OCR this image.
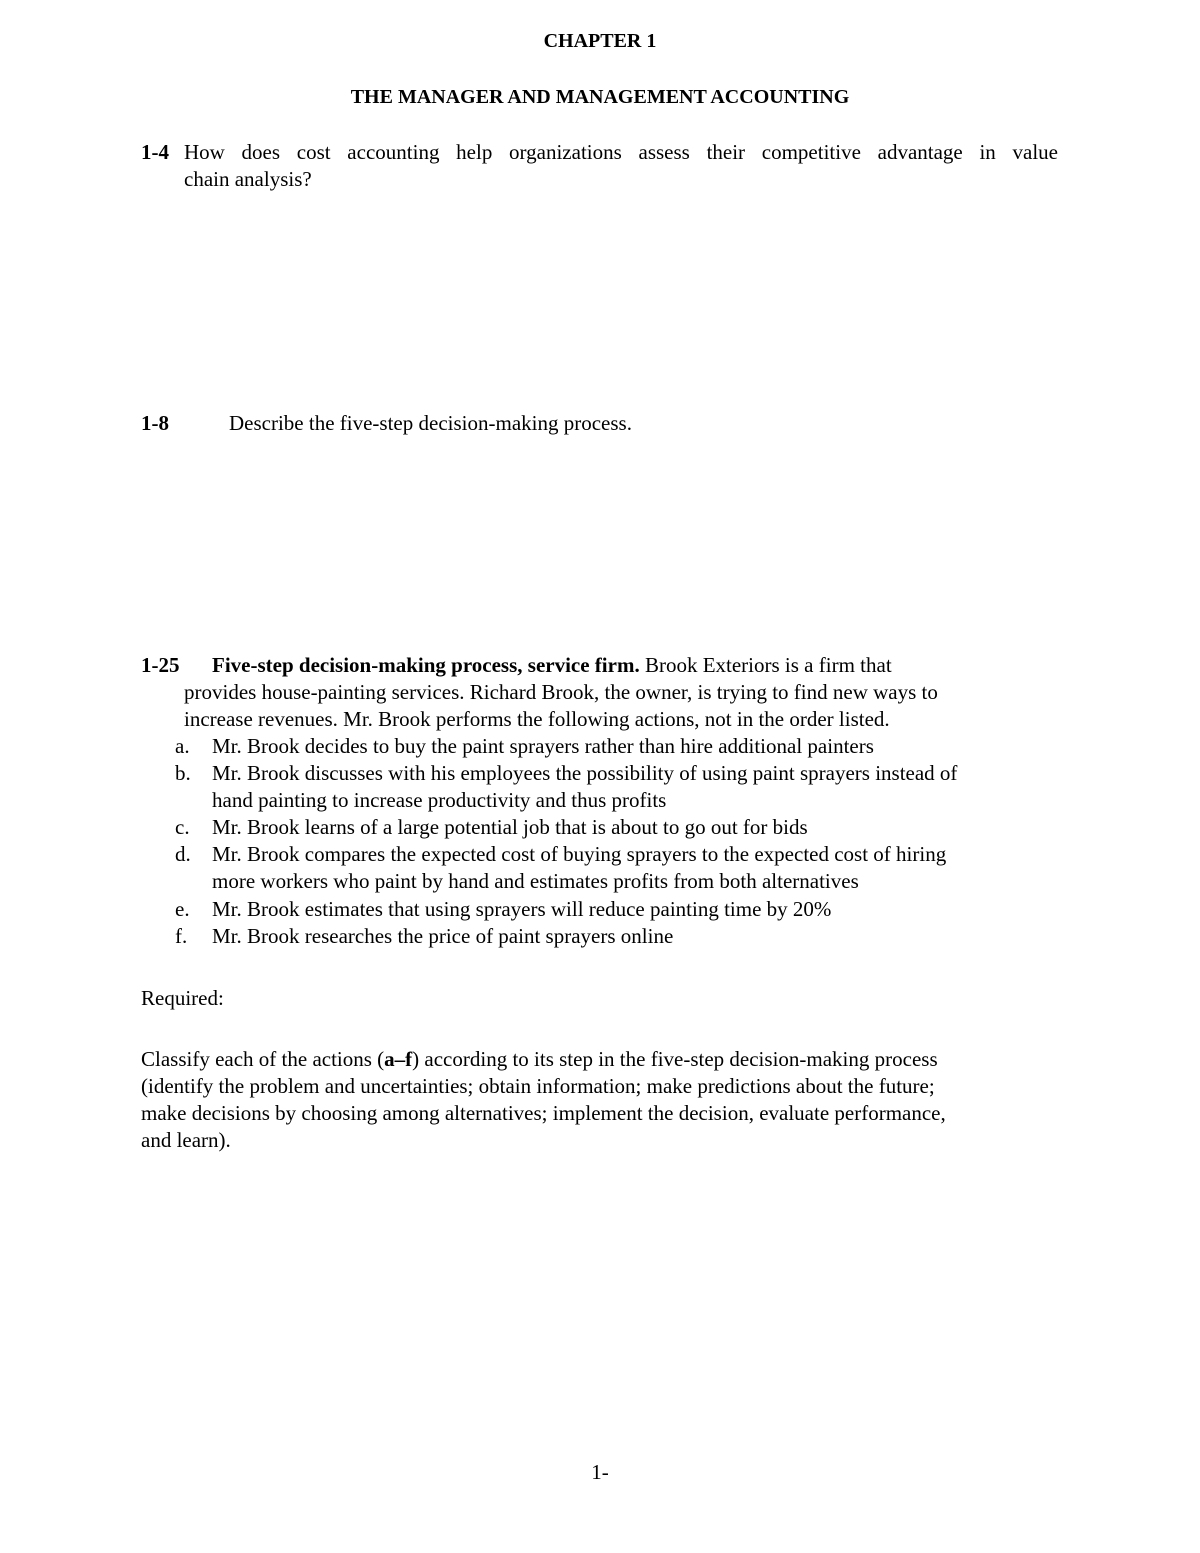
CHAPTER 1
THE MANAGER AND MANAGEMENT ACCOUNTING
1-4 How does cost accounting help organizations assess their competitive advantage in value
chain analysis?
1-8	Describe the five-step decision-making process.
1-25 Five-step decision-making process, service firm. Brook Exteriors is a firm that
provides house-painting services. Richard Brook, the owner, is trying to find new ways to
increase revenues. Mr. Brook performs the following actions, not in the order listed.
a. Mr. Brook decides to buy the paint sprayers rather than hire additional painters
b. Mr. Brook discusses with his employees the possibility of using paint sprayers instead of
hand painting to increase productivity and thus profits
c. Mr. Brook learns of a large potential job that is about to go out for bids
d. Mr. Brook compares the expected cost of buying sprayers to the expected cost of hiring
more workers who paint by hand and estimates profits from both alternatives
e. Mr. Brook estimates that using sprayers will reduce painting time by 20%
f. Mr. Brook researches the price of paint sprayers online
Required:
Classify each of the actions (a–f) according to its step in the five-step decision-making process
(identify the problem and uncertainties; obtain information; make predictions about the future;
make decisions by choosing among alternatives; implement the decision, evaluate performance,
and learn).
1-
